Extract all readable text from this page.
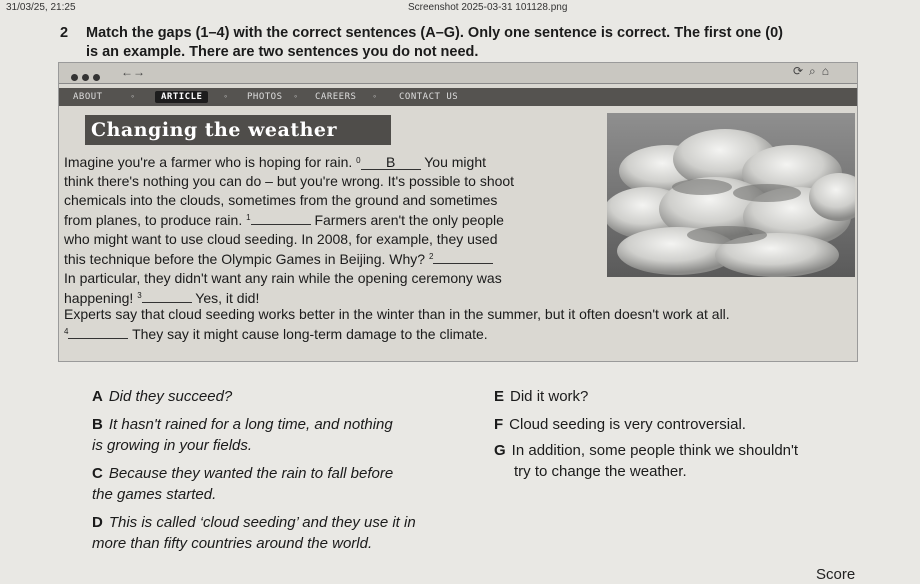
31/03/25, 21:25	Screenshot 2025-03-31 101128.png
2 Match the gaps (1–4) with the correct sentences (A–G). Only one sentence is correct. The first one (0)
is an example. There are two sentences you do not need.
←→	⟳⌕⌂
ABOUT	◦	ARTICLE	◦ PHOTOS ◦ CAREERS ◦	CONTACT US
Changing the weather
Imagine you're a farmer who is hoping for rain. $^0$ B You might
think there's nothing you can do – but you're wrong. It's possible to shoot
chemicals into the clouds, sometimes from the ground and sometimes
from planes, to produce rain. $^1$	Farmers aren't the only people
who might want to use cloud seeding. In 2008, for example, they used
this technique before the Olympic Games in Beijing. Why? $^2$
In particular, they didn't want any rain while the opening ceremony was
happening! $^3$	Yes, it did!
Experts say that cloud seeding works better in the winter than in the summer, but it often doesn't work at all.
$^4$	They say it might cause long-term damage to the climate.
A Did they succeed?
B It hasn't rained for a long time, and nothing
is growing in your fields.
C Because they wanted the rain to fall before
the games started.
D This is called ‘cloud seeding’ and they use it in
more than fifty countries around the world.
E Did it work?
F Cloud seeding is very controversial.
G In addition, some people think we shouldn't
try to change the weather.
Score
